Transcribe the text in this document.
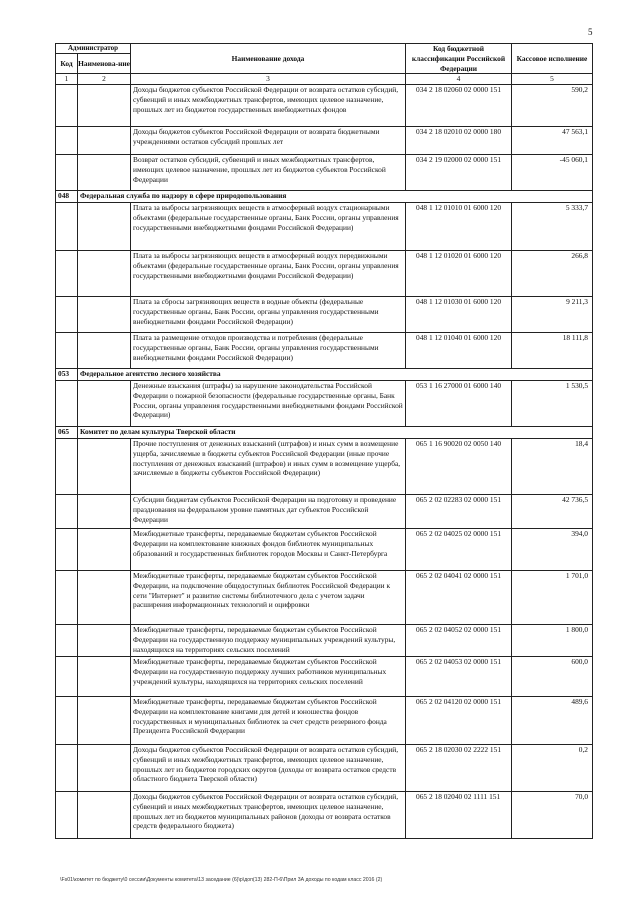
5
Администратор		Наименование дохода	Код бюджетной классификации Российской Федерации	Кассовое исполнение
Код	Наименова-ние			
1	2	3	4	5
		Доходы бюджетов субъектов Российской Федерации от возврата остатков субсидий, субвенций и иных межбюджетных трансфертов, имеющих целевое назначение, прошлых лет из бюджетов государственных внебюджетных фондов	034 2 18 02060 02 0000 151	590,2
		Доходы бюджетов субъектов Российской Федерации от возврата бюджетными учреждениями остатков субсидий прошлых лет	034 2 18 02010 02 0000 180	47 563,1
		Возврат остатков субсидий, субвенций и иных межбюджетных трансфертов, имеющих целевое назначение, прошлых лет из бюджетов субъектов Российской Федерации	034 2 19 02000 02 0000 151	-45 060,1
048	Федеральная служба по надзору в сфере природопользования			
		Плата за выбросы загрязняющих веществ в атмосферный воздух стационарными объектами (федеральные государственные органы, Банк России, органы управления государственными внебюджетными фондами Российской Федерации)	048 1 12 01010 01 6000 120	5 333,7
		Плата за выбросы загрязняющих веществ в атмосферный воздух передвижными объектами (федеральные государственные органы, Банк России, органы управления государственными внебюджетными фондами Российской Федерации)	048 1 12 01020 01 6000 120	266,8
		Плата за сбросы загрязняющих веществ в водные объекты (федеральные государственные органы, Банк России, органы управления государственными внебюджетными фондами Российской Федерации)	048 1 12 01030 01 6000 120	9 211,3
		Плата за размещение отходов производства и потребления (федеральные государственные органы, Банк России, органы управления государственными внебюджетными фондами Российской Федерации)	048 1 12 01040 01 6000 120	18 111,8
053	Федеральное агентство лесного хозяйства			
		Денежные взыскания (штрафы) за нарушение законодательства Российской Федерации о пожарной безопасности (федеральные государственные органы, Банк России, органы управления государственными внебюджетными фондами Российской Федерации)	053 1 16 27000 01 6000 140	1 530,5
065	Комитет по делам культуры Тверской области			
		Прочие поступления от денежных взысканий (штрафов) и иных сумм в возмещение ущерба, зачисляемые в бюджеты субъектов Российской Федерации (иные прочие поступления от денежных взысканий (штрафов) и иных сумм в возмещение ущерба, зачисляемые в бюджеты субъектов Российской Федерации)	065 1 16 90020 02 0050 140	18,4
		Субсидии бюджетам субъектов Российской Федерации на подготовку и проведение празднования на федеральном уровне памятных дат субъектов Российской Федерации	065 2 02 02283 02 0000 151	42 736,5
		Межбюджетные трансферты, передаваемые бюджетам субъектов Российской Федерации на комплектование книжных фондов библиотек муниципальных образований и государственных библиотек городов Москвы и Санкт-Петербурга	065 2 02 04025 02 0000 151	394,0
		Межбюджетные трансферты, передаваемые бюджетам субъектов Российской Федерации, на подключение общедоступных библиотек Российской Федерации к сети "Интернет" и развитие системы библиотечного дела с учетом задачи расширения информационных технологий и оцифровки	065 2 02 04041 02 0000 151	1 701,0
		Межбюджетные трансферты, передаваемые бюджетам субъектов Российской Федерации на государственную поддержку муниципальных учреждений культуры, находящихся на территориях сельских поселений	065 2 02 04052 02 0000 151	1 800,0
		Межбюджетные трансферты, передаваемые бюджетам субъектов Российской Федерации на государственную поддержку лучших работников муниципальных учреждений культуры, находящихся на территориях сельских поселений	065 2 02 04053 02 0000 151	600,0
		Межбюджетные трансферты, передаваемые бюджетам субъектов Российской Федерации на комплектование книгами для детей и юношества фондов государственных и муниципальных библиотек за счет средств резервного фонда Президента Российской Федерации	065 2 02 04120 02 0000 151	489,6
		Доходы бюджетов субъектов Российской Федерации от возврата остатков субсидий, субвенций и иных межбюджетных трансфертов, имеющих целевое назначение, прошлых лет из бюджетов городских округов (доходы от возврата остатков средств областного бюджета Тверской области)	065 2 18 02030 02 2222 151	0,2
		Доходы бюджетов субъектов Российской Федерации от возврата остатков субсидий, субвенций и иных межбюджетных трансфертов, имеющих целевое назначение, прошлых лет из бюджетов муниципальных районов (доходы от возврата остатков средств федерального бюджета)	065 2 18 02040 02 1111 151	70,0
\Fs01\комитет по бюджету\0 сессии\Документы комитета\13 заседание (6)\р\доп(13) 282-П-6\Прил 3А доходы по кодам класс 2016 (2)
